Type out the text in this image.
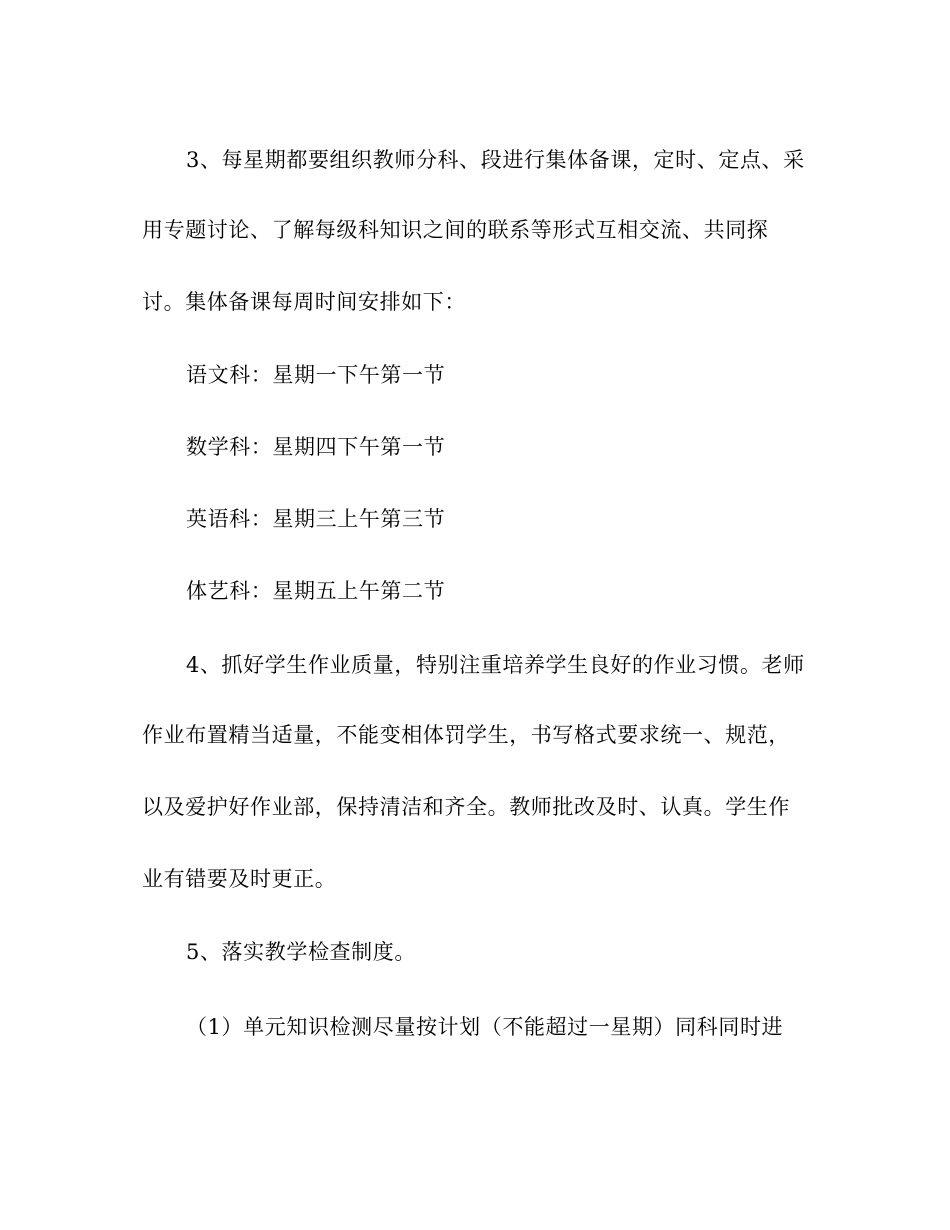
3、每星期都要组织教师分科、段进行集体备课，定时、定点、采
用专题讨论、了解每级科知识之间的联系等形式互相交流、共同探
讨。集体备课每周时间安排如下：
语文科：星期一下午第一节
数学科：星期四下午第一节
英语科：星期三上午第三节
体艺科：星期五上午第二节
4、抓好学生作业质量，特别注重培养学生良好的作业习惯。老师
作业布置精当适量，不能变相体罚学生，书写格式要求统一、规范，
以及爱护好作业部，保持清洁和齐全。教师批改及时、认真。学生作
业有错要及时更正。
5、落实教学检查制度。
（1）单元知识检测尽量按计划（不能超过一星期）同科同时进
